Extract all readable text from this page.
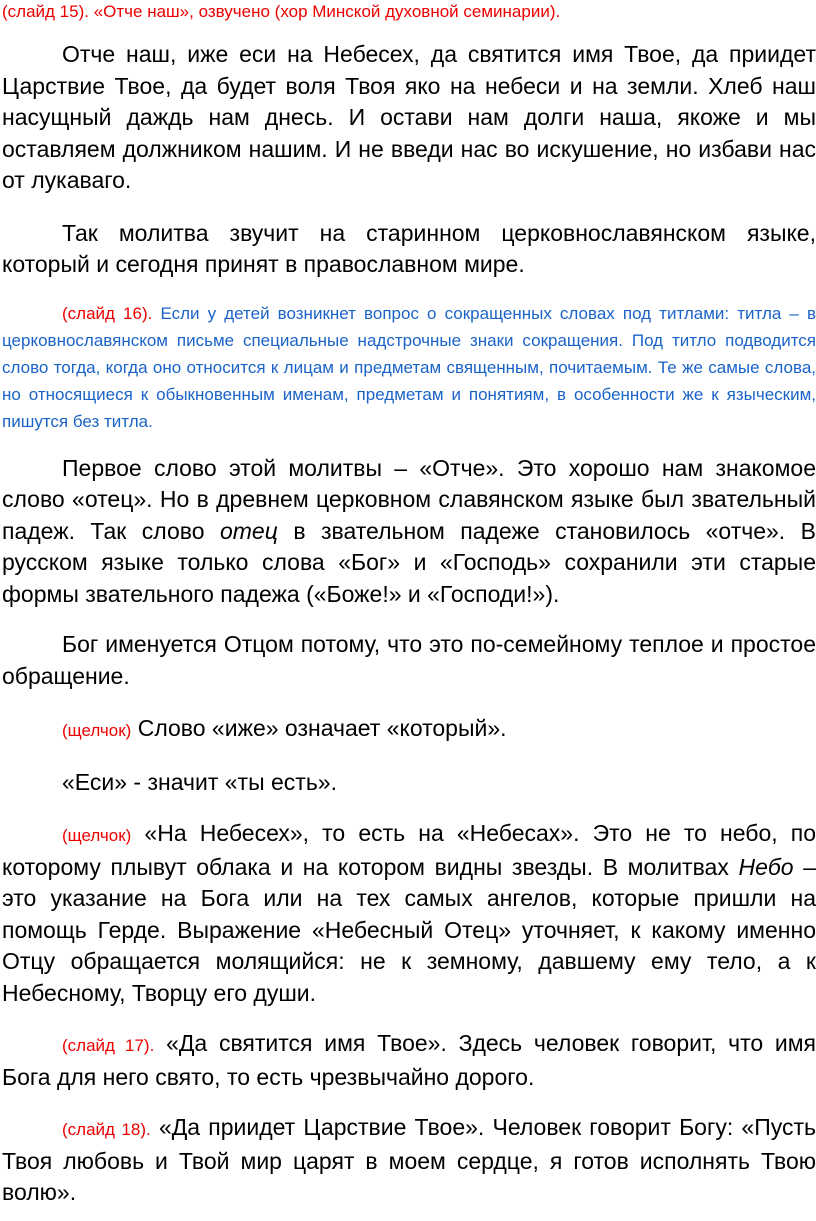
(слайд 15). «Отче наш», озвучено (хор Минской духовной семинарии).

Отче наш, иже еси на Небесех, да святится имя Твое, да приидет Царствие Твое, да будет воля Твоя яко на небеси и на земли. Хлеб наш насущный даждь нам днесь. И остави нам долги наша, якоже и мы оставляем должником нашим. И не введи нас во искушение, но избави нас от лукаваго.

Так молитва звучит на старинном церковнославянском языке, который и сегодня принят в православном мире.

(слайд 16). Если у детей возникнет вопрос о сокращенных словах под титлами: титла – в церковнославянском письме специальные надстрочные знаки сокращения. Под титло подводится слово тогда, когда оно относится к лицам и предметам священным, почитаемым. Те же самые слова, но относящиеся к обыкновенным именам, предметам и понятиям, в особенности же к языческим, пишутся без титла.

Первое слово этой молитвы – «Отче». Это хорошо нам знакомое слово «отец». Но в древнем церковном славянском языке был звательный падеж. Так слово отец в звательном падеже становилось «отче». В русском языке только слова «Бог» и «Господь» сохранили эти старые формы звательного падежа («Боже!» и «Господи!»).

Бог именуется Отцом потому, что это по-семейному теплое и простое обращение.

(щелчок) Слово «иже» означает «который».

«Еси» - значит «ты есть».

(щелчок) «На Небесех», то есть на «Небесах». Это не то небо, по которому плывут облака и на котором видны звезды. В молитвах Небо – это указание на Бога или на тех самых ангелов, которые пришли на помощь Герде. Выражение «Небесный Отец» уточняет, к какому именно Отцу обращается молящийся: не к земному, давшему ему тело, а к Небесному, Творцу его души.

(слайд 17). «Да святится имя Твое». Здесь человек говорит, что имя Бога для него свято, то есть чрезвычайно дорого.

(слайд 18). «Да приидет Царствие Твое». Человек говорит Богу: «Пусть Твоя любовь и Твой мир царят в моем сердце, я готов исполнять Твою волю».
